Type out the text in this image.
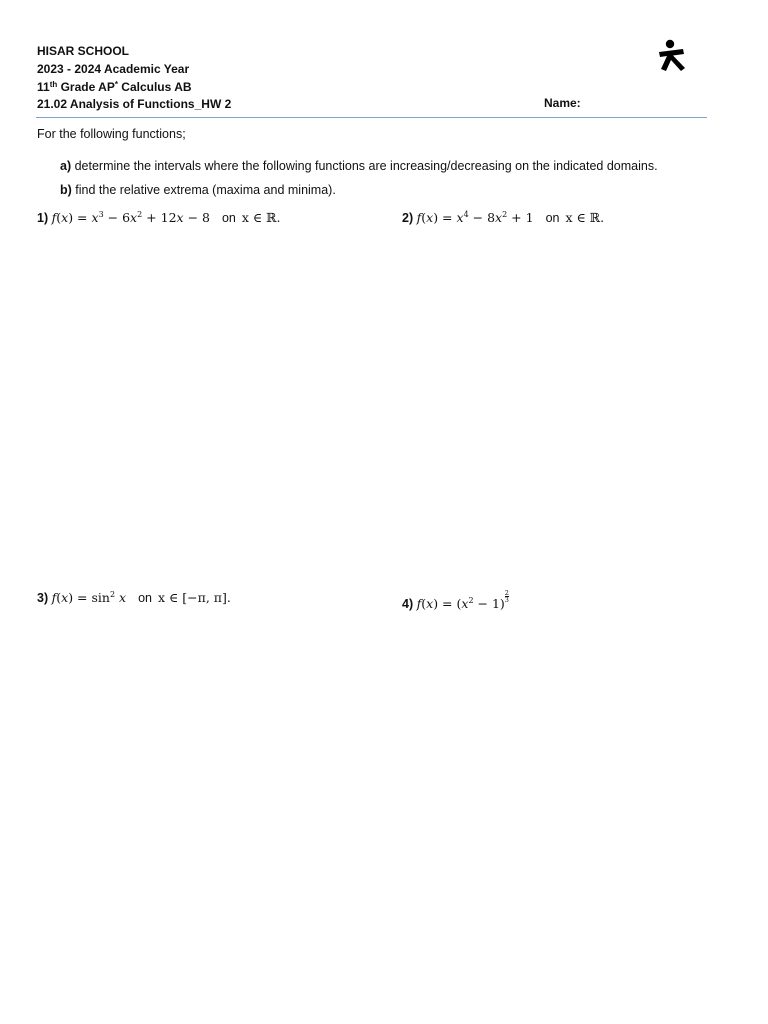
HISAR SCHOOL
2023 - 2024 Academic Year
11th Grade AP* Calculus AB
21.02 Analysis of Functions_HW 2	Name:
For the following functions;
a) determine the intervals where the following functions are increasing/decreasing on the indicated domains.
b) find the relative extrema (maxima and minima).
1) $f(x) = x^3 - 6x^2 + 12x - 8$ on x ∈ ℝ.	2) $f(x) = x^4 - 8x^2 + 1$ on x ∈ ℝ.
3) $f(x) = \sin^2 x$ on x ∈ [−π, π].	4) $f(x) = (x^2 - 1) \frac{2}{3}$
